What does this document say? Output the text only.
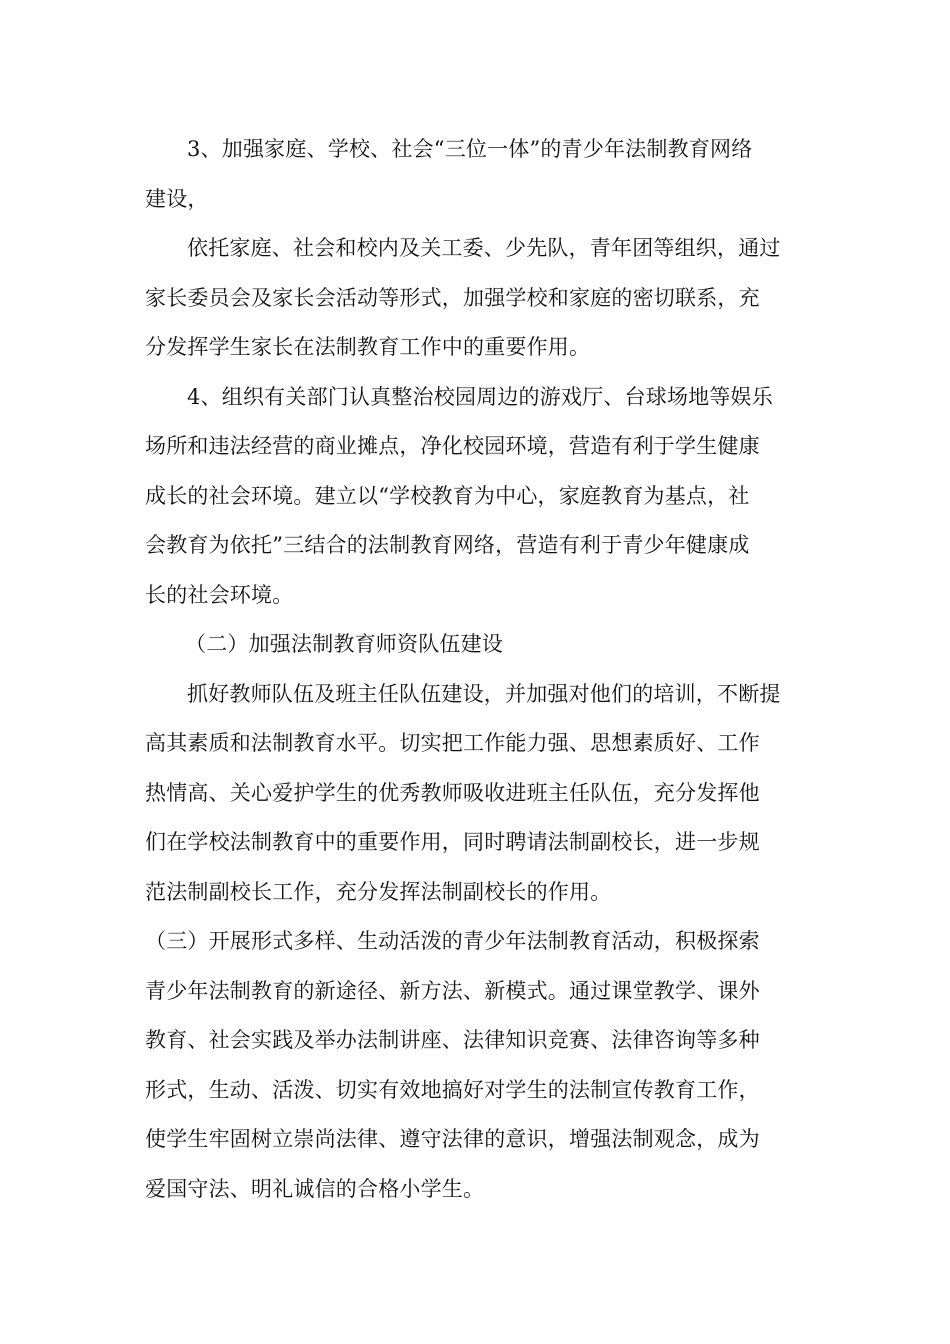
3、加强家庭、学校、社会“三位一体”的青少年法制教育网络
建设，
依托家庭、社会和校内及关工委、少先队，青年团等组织，通过
家长委员会及家长会活动等形式，加强学校和家庭的密切联系，充
分发挥学生家长在法制教育工作中的重要作用。
4、组织有关部门认真整治校园周边的游戏厅、台球场地等娱乐
场所和违法经营的商业摊点，净化校园环境，营造有利于学生健康
成长的社会环境。建立以“学校教育为中心，家庭教育为基点，社
会教育为依托”三结合的法制教育网络，营造有利于青少年健康成
长的社会环境。
（二）加强法制教育师资队伍建设
抓好教师队伍及班主任队伍建设，并加强对他们的培训，不断提
高其素质和法制教育水平。切实把工作能力强、思想素质好、工作
热情高、关心爱护学生的优秀教师吸收进班主任队伍，充分发挥他
们在学校法制教育中的重要作用，同时聘请法制副校长，进一步规
范法制副校长工作，充分发挥法制副校长的作用。
（三）开展形式多样、生动活泼的青少年法制教育活动，积极探索
青少年法制教育的新途径、新方法、新模式。通过课堂教学、课外
教育、社会实践及举办法制讲座、法律知识竞赛、法律咨询等多种
形式，生动、活泼、切实有效地搞好对学生的法制宣传教育工作，
使学生牢固树立崇尚法律、遵守法律的意识，增强法制观念，成为
爱国守法、明礼诚信的合格小学生。
